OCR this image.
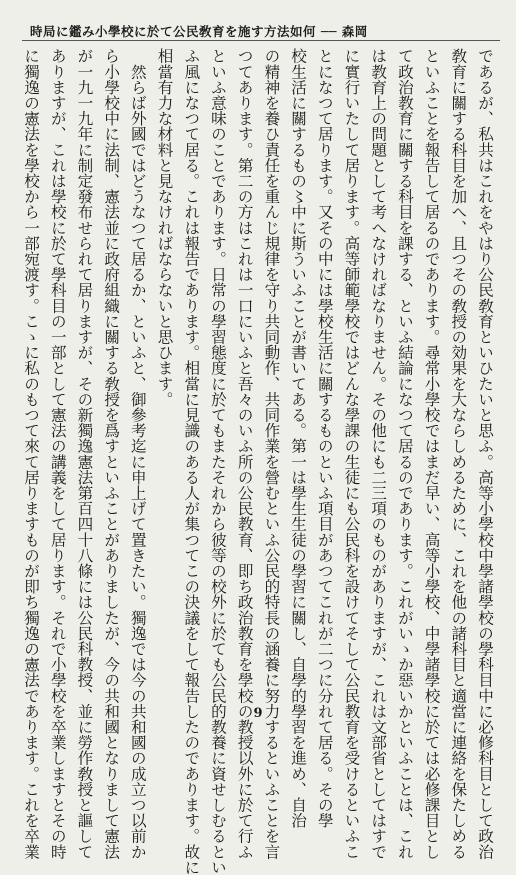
時局に鑑み小學校に於て公民敎育を施す方法如何 ── 森岡
であるが、私共はこれをやはり公民敎育といひたいと思ふ。高等小學校中學諸學校の學科目中に必修科目として政治
敎育に關する科目を加へ、且つその敎授の効果を大ならしめるために、これを他の諸科目と適當に連絡を保たしめる
といふことを報告して居るのであります。尋常小學校ではまだ早い、高等小學校、中學諸學校に於ては必修課目とし
て政治教育に關する科目を課する、といふ結論になつて居るのであります。これがいゝか惡いかといふことは、これ
は教育上の問題として考へなければなりません。その他にも二三項のものがありますが、これは文部省としてはすで
に實行いたして居ります。高等師範學校ではどんな學課の生徒にも公民科を設けてそして公民教育を受けるといふこ
とになつて居ります。又その中には學校生活に關するものといふ項目があつてこれが二つに分れて居る。その學
校生活に關するもの〻中に斯ういふことが書いてある。第一は學生生徒の學習に關し、自學的學習を進め、自治
の精神を養ひ責任を重んじ規律を守り共同動作、共同作業を營むといふ公民的特長の涵養に努力するといふことを言
つてあります。第二の方はこれは一口にいふと吾々のいふ所の公民教育、即ち政治教育を學校の教授以外に於て行ふ
といふ意味のことであります。日常の學習態度に於てもまたそれから彼等の校外に於ても公民的教養に資せしむるとい
ふ風になつて居る。これは報告であります。相當に見識のある人が集つてこの決議をして報告したのであります。故に
相當有力な材料と見なければならないと思ひます。
　然らば外國ではどうなつて居るか、といふと、御參考迄に申上げて置きたい。獨逸では今の共和國の成立つ以前か
ら小學校中に法制、憲法並に政府組織に關する敎授を爲すといふことがありましたが、今の共和國となりまして憲法
が一九一九年に制定發布せられて居りますが、その新獨逸憲法第百四十八條には公民科教授、並に勞作敎授と謳して
ありますが、これは學校に於て學科目の一部として憲法の講義をして居ります。それで小學校を卒業しますとその時
に獨逸の憲法を學校から一部宛渡す。こゝに私のもつて來て居りますものが即ち獨逸の憲法であります。これを卒業	9
